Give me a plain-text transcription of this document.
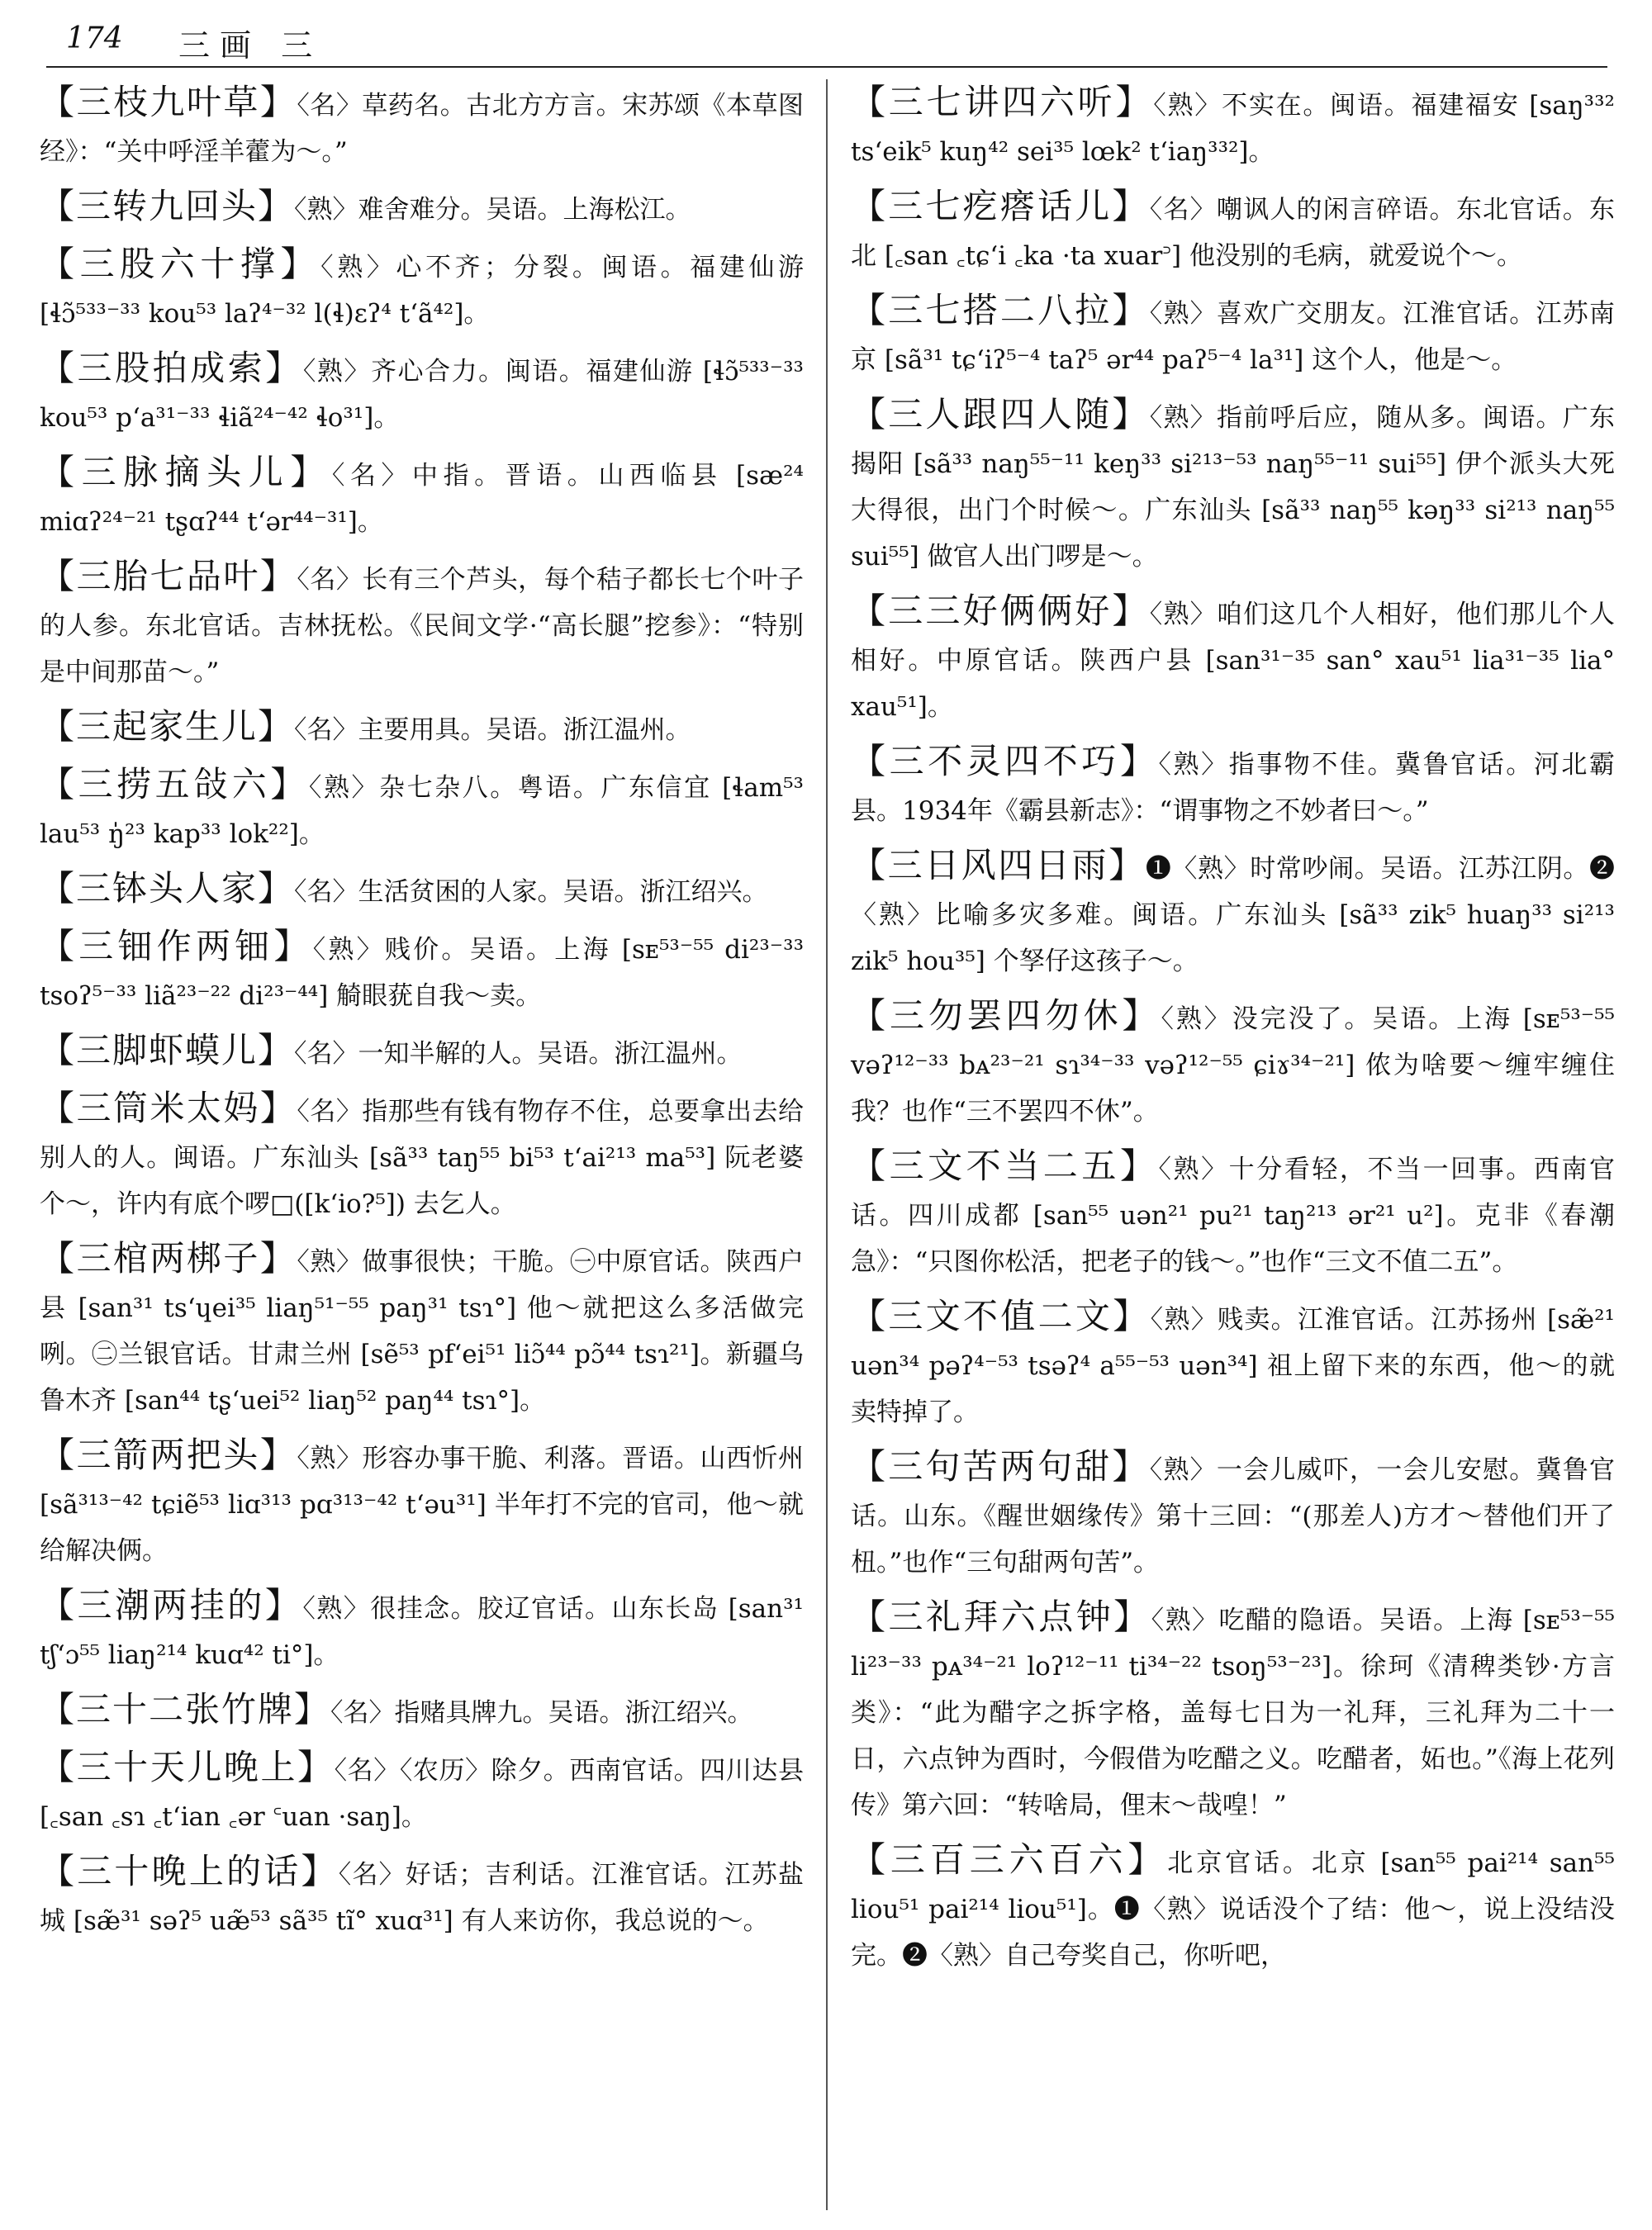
174 三画 三
【 三枝九叶草 】 〈名〉草药名。古北方方言。宋苏颂《本草图经》：“关中呼淫羊藿为～。”
【 三转九回头 】 〈熟〉难舍难分。吴语。上海松江。
【 三股六十撑 】 〈熟〉心不齐；分裂。闽语。福建仙游 [ɬɔ̃⁵³³⁻³³ kou⁵³ laʔ⁴⁻³² l(ɬ)ɛʔ⁴ t‘ã⁴²]。
【 三股拍成索 】 〈熟〉齐心合力。闽语。福建仙游 [ɬɔ̃⁵³³⁻³³ kou⁵³ p‘a³¹⁻³³ ɬiã²⁴⁻⁴² ɬo³¹]。
【 三脉摘头儿 】 〈名〉中指。晋语。山西临县 [sæ²⁴ miɑʔ²⁴⁻²¹ tʂɑʔ⁴⁴ t‘ər⁴⁴⁻³¹]。
【 三胎七品叶 】 〈名〉长有三个芦头，每个秸子都长七个叶子的人参。东北官话。吉林抚松。《民间文学·“高长腿”挖参》：“特别是中间那苗～。”
【 三起家生儿 】 〈名〉主要用具。吴语。浙江温州。
【 三捞五敆六 】 〈熟〉杂七杂八。粤语。广东信宜 [ɬam⁵³ lau⁵³ ŋ̍²³ kap³³ lok²²]。
【 三钵头人家 】 〈名〉生活贫困的人家。吴语。浙江绍兴。
【 三钿作两钿 】 〈熟〉贱价。吴语。上海 [sᴇ⁵³⁻⁵⁵ di²³⁻³³ tsoʔ⁵⁻³³ liã²³⁻²² di²³⁻⁴⁴] 觭眼莸自我～卖。
【 三脚虾蟆儿 】 〈名〉一知半解的人。吴语。浙江温州。
【 三筒米太妈 】 〈名〉指那些有钱有物存不住，总要拿出去给别人的人。闽语。广东汕头 [sã³³ taŋ⁵⁵ bi⁵³ t‘ai²¹³ ma⁵³] 阮老婆个～，许内有底个啰□([k‘io?⁵]) 去乞人。
【 三棺两梆子 】 〈熟〉做事很快；干脆。㊀中原官话。陕西户县 [san³¹ ts‘ɥei³⁵ liaŋ⁵¹⁻⁵⁵ paŋ³¹ tsɿ°] 他～就把这么多活做完咧。㊁兰银官话。甘肃兰州 [sẽ⁵³ pf‘ei⁵¹ liɔ̃⁴⁴ pɔ̃⁴⁴ tsɿ²¹]。新疆乌鲁木齐 [san⁴⁴ tʂ‘uei⁵² liaŋ⁵² paŋ⁴⁴ tsɿ°]。
【 三箭两把头 】 〈熟〉形容办事干脆、利落。晋语。山西忻州 [sã³¹³⁻⁴² tɕiẽ⁵³ liɑ³¹³ pɑ³¹³⁻⁴² t‘əu³¹] 半年打不完的官司，他～就给解决俩。
【 三潮两挂的 】 〈熟〉很挂念。胶辽官话。山东长岛 [san³¹ tʃ‘ɔ⁵⁵ liaŋ²¹⁴ kuɑ⁴² ti°]。
【 三十二张竹牌 】 〈名〉指赌具牌九。吴语。浙江绍兴。
【 三十天儿晚上 】 〈名〉〈农历〉除夕。西南官话。四川达县 [꜀san ꜀sɿ ꜀t‘ian ꜀ər ꜂uan ·saŋ]。
【 三十晚上的话 】 〈名〉好话；吉利话。江淮官话。江苏盐城 [sæ̃³¹ səʔ⁵ uæ̃⁵³ sã³⁵ tĩ° xuɑ³¹] 有人来访你，我总说的～。
【 三七讲四六听 】 〈熟〉不实在。闽语。福建福安 [saŋ³³² ts‘eik⁵ kuŋ⁴² sei³⁵ lœk² t‘iaŋ³³²]。
【 三七疙瘩话儿 】 〈名〉嘲讽人的闲言碎语。东北官话。东北 [꜀san ꜀tɕ‘i ꜀ka ·ta xuar꜄] 他没别的毛病，就爱说个～。
【 三七搭二八拉 】 〈熟〉喜欢广交朋友。江淮官话。江苏南京 [sã³¹ tɕ‘iʔ⁵⁻⁴ taʔ⁵ ər⁴⁴ paʔ⁵⁻⁴ la³¹] 这个人，他是～。
【 三人跟四人随 】 〈熟〉指前呼后应，随从多。闽语。广东揭阳 [sã³³ naŋ⁵⁵⁻¹¹ keŋ³³ si²¹³⁻⁵³ naŋ⁵⁵⁻¹¹ sui⁵⁵] 伊个派头大死大得很，出门个时候～。广东汕头 [sã³³ naŋ⁵⁵ kəŋ³³ si²¹³ naŋ⁵⁵ sui⁵⁵] 做官人出门啰是～。
【 三三好俩俩好 】 〈熟〉咱们这几个人相好，他们那儿个人相好。中原官话。陕西户县 [san³¹⁻³⁵ san° xau⁵¹ lia³¹⁻³⁵ lia° xau⁵¹]。
【 三不灵四不巧 】 〈熟〉指事物不佳。冀鲁官话。河北霸县。1934年《霸县新志》：“谓事物之不妙者曰～。”
【 三日风四日雨 】 ❶〈熟〉时常吵闹。吴语。江苏江阴。❷〈熟〉比喻多灾多难。闽语。广东汕头 [sã³³ zik⁵ huaŋ³³ si²¹³ zik⁵ hou³⁵] 个孥仔这孩子～。
【 三勿罢四勿休 】 〈熟〉没完没了。吴语。上海 [sᴇ⁵³⁻⁵⁵ vəʔ¹²⁻³³ bᴀ²³⁻²¹ sɿ³⁴⁻³³ vəʔ¹²⁻⁵⁵ ɕiɤ³⁴⁻²¹] 侬为啥要～缠牢缠住我？也作“三不罢四不休”。
【 三文不当二五 】 〈熟〉十分看轻，不当一回事。西南官话。四川成都 [san⁵⁵ uən²¹ pu²¹ taŋ²¹³ ər²¹ u²]。克非《春潮急》：“只图你松活，把老子的钱～。”也作“三文不值二五”。
【 三文不值二文 】 〈熟〉贱卖。江淮官话。江苏扬州 [sæ̃²¹ uən³⁴ pəʔ⁴⁻⁵³ tsəʔ⁴ a⁵⁵⁻⁵³ uən³⁴] 祖上留下来的东西，他～的就卖特掉了。
【 三句苦两句甜 】 〈熟〉一会儿威吓，一会儿安慰。冀鲁官话。山东。《醒世姻缘传》第十三回：“(那差人)方才～替他们开了杻。”也作“三句甜两句苦”。
【 三礼拜六点钟 】 〈熟〉吃醋的隐语。吴语。上海 [sᴇ⁵³⁻⁵⁵ li²³⁻³³ pᴀ³⁴⁻²¹ loʔ¹²⁻¹¹ ti³⁴⁻²² tsoŋ⁵³⁻²³]。徐珂《清稗类钞·方言类》：“此为醋字之拆字格，盖每七日为一礼拜，三礼拜为二十一日，六点钟为酉时，今假借为吃醋之义。吃醋者，妬也。”《海上花列传》第六回：“转啥局，俚末～哉喤！”
【 三百三六百六 】 北京官话。北京 [san⁵⁵ pai²¹⁴ san⁵⁵ liou⁵¹ pai²¹⁴ liou⁵¹]。❶〈熟〉说话没个了结：他～，说上没结没完。❷〈熟〉自己夸奖自己，你听吧，
